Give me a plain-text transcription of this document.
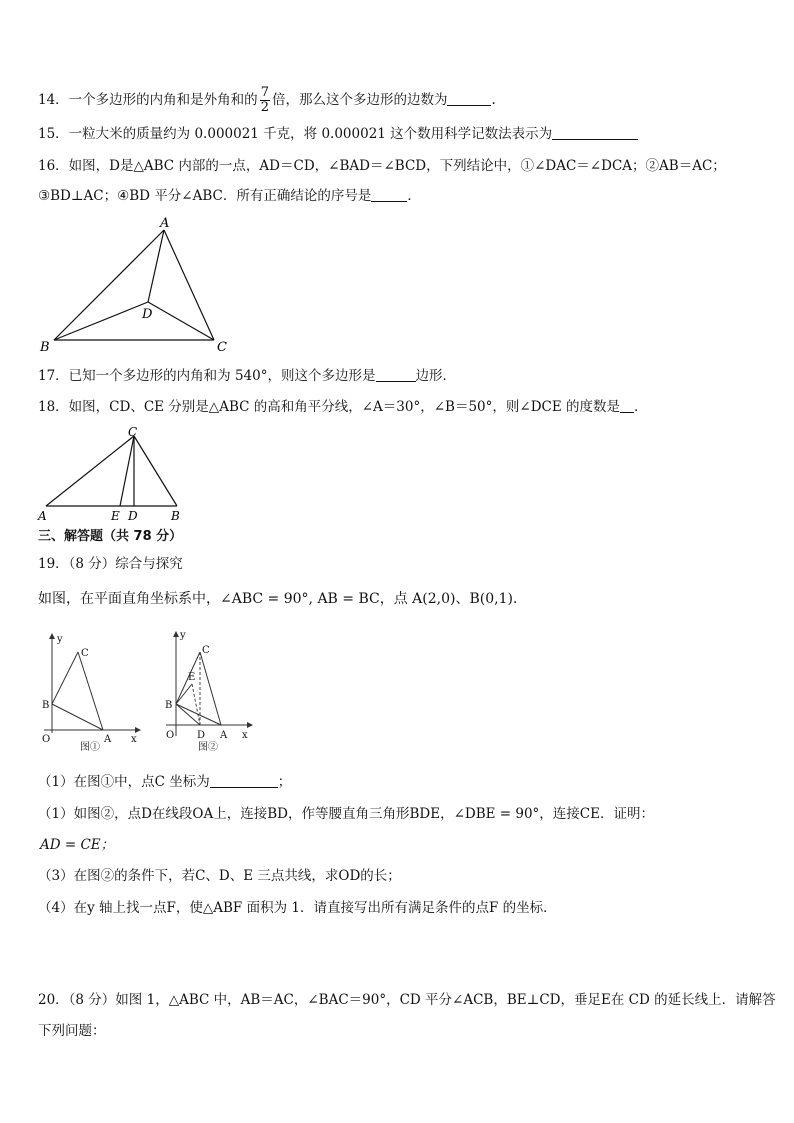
14．一个多边形的内角和是外角和的 $\frac{7}{2}$ 倍，那么这个多边形的边数为	.
15．一粒大米的质量约为 0.000021 千克，将 0.000021 这个数用科学记数法表示为
16．如图，D是△ABC 内部的一点，AD＝CD，∠BAD＝∠BCD，下列结论中，①∠DAC＝∠DCA；②AB＝AC；
③BD⊥AC；④BD 平分∠ABC．所有正确结论的序号是	．
A
B	C
D
17．已知一个多边形的内角和为 540°，则这个多边形是	边形．
18．如图，CD、CE 分别是△ABC 的高和角平分线，∠A＝30°，∠B＝50°，则∠DCE 的度数是 ．
C
A	E D	B
三、解答题（共 78 分）
19．（8 分）综合与探究
如图，在平面直角坐标系中，∠ABC = 90°, AB = BC，点 A(2,0)、B(0,1)．
y
x
O	A
B
C
图①
y
x
O D A
B
C
E
图②
（1）在图①中，点C 坐标为	；
（1）如图②，点D在线段OA上，连接BD，作等腰直角三角形BDE，∠DBE = 90°，连接CE．证明：
AD = CE；
（3）在图②的条件下，若C、D、E 三点共线，求OD的长；
（4）在y 轴上找一点F，使△ABF 面积为 1．请直接写出所有满足条件的点F 的坐标．
20．（8 分）如图 1，△ABC 中，AB＝AC，∠BAC＝90°，CD 平分∠ACB，BE⊥CD，垂足E在 CD 的延长线上．请解答
下列问题：
